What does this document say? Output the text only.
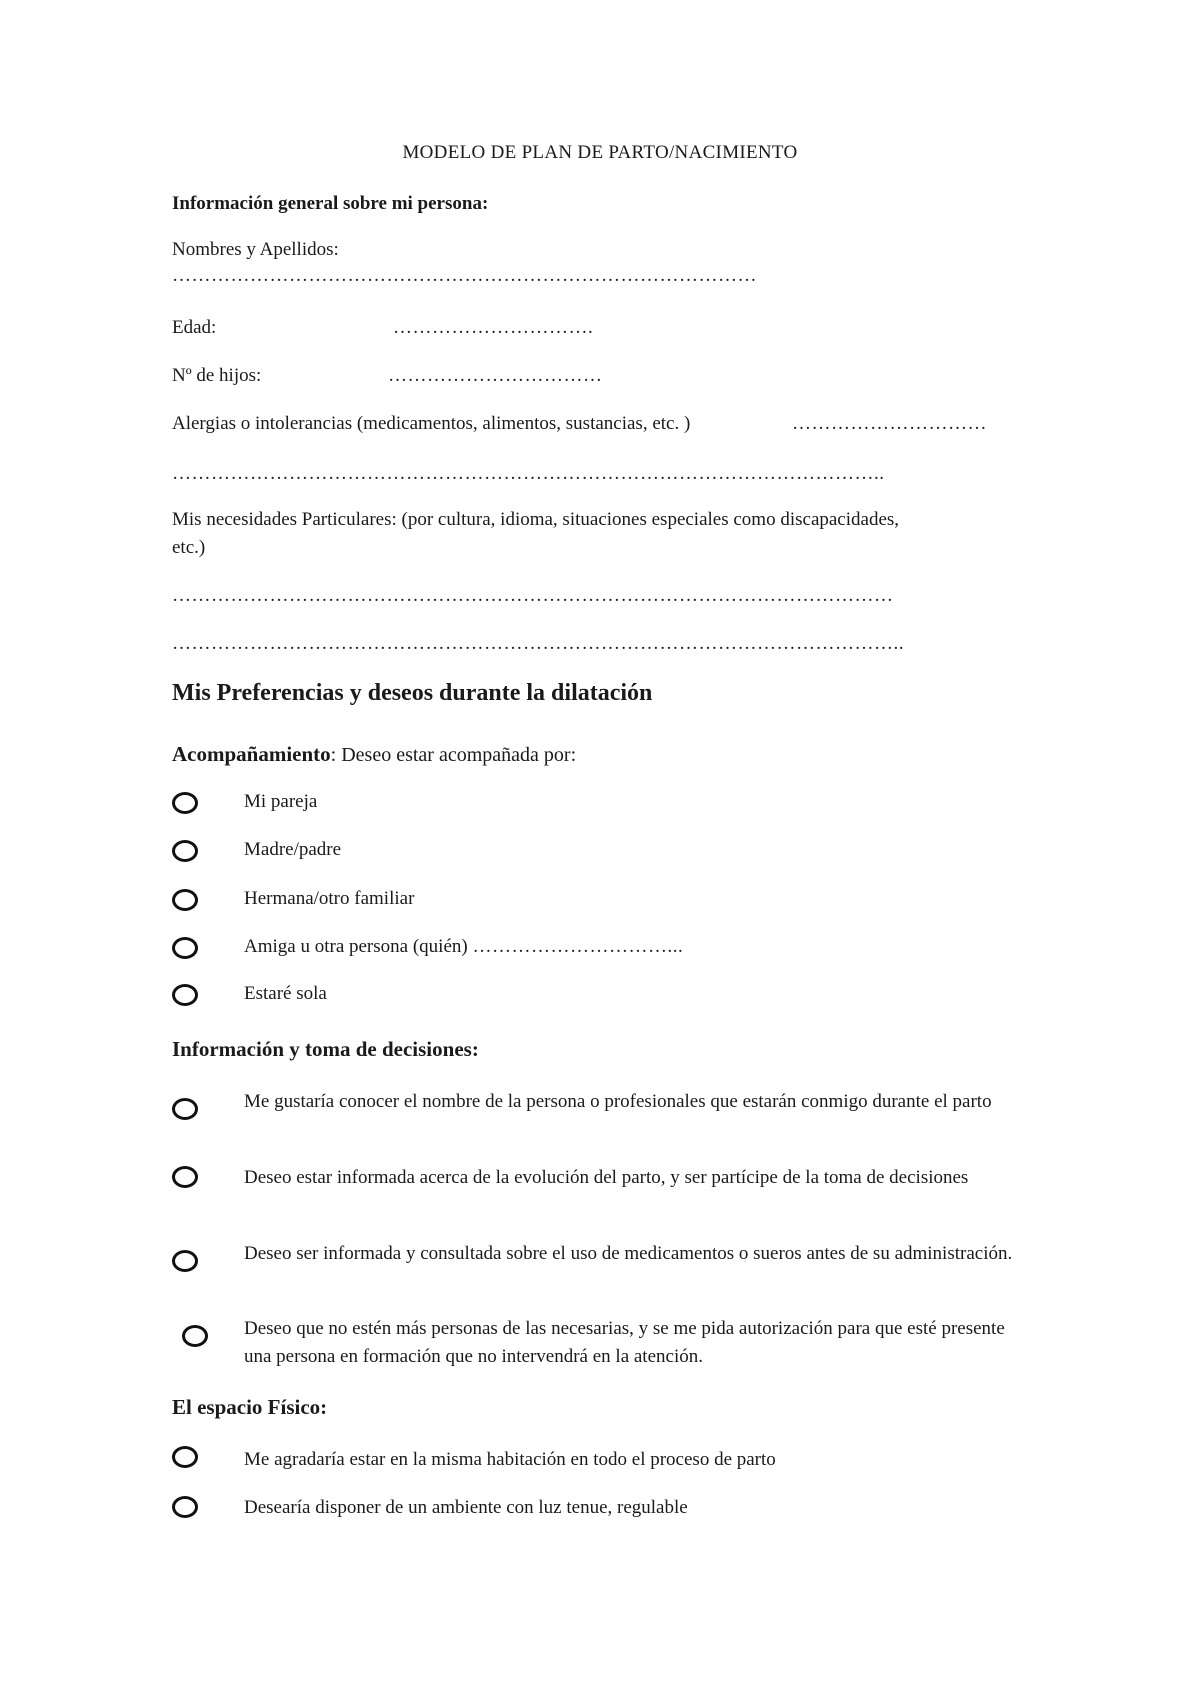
MODELO DE PLAN DE PARTO/NACIMIENTO
Información general sobre mi persona:
Nombres y Apellidos:
………………………………………………………………………………
Edad:	………………………….
Nº de hijos:	……………………………
Alergias o intolerancias (medicamentos, alimentos, sustancias, etc. )	…………………………
………………………………………………………………………………………………..
Mis necesidades Particulares: (por cultura, idioma, situaciones especiales como discapacidades,
etc.)
…………………………………………………………………………………………………
…………………………………………………………………………………………………..
Mis Preferencias y deseos durante la dilatación
Acompañamiento: Deseo estar acompañada por:
Mi pareja
Madre/padre
Hermana/otro familiar
Amiga u otra persona (quién) …………………………...
Estaré sola
Información y toma de decisiones:
Me gustaría conocer el nombre de la persona o profesionales que estarán conmigo durante el parto
Deseo estar informada acerca de la evolución del parto, y ser partícipe de la toma de decisiones
Deseo ser informada y consultada sobre el uso de medicamentos o sueros antes de su administración.
Deseo que no estén más personas de las necesarias, y se me pida autorización para que esté presente una persona en formación que no intervendrá en la atención.
El espacio Físico:
Me agradaría estar en la misma habitación en todo el proceso de parto
Desearía disponer de un ambiente con luz tenue, regulable
